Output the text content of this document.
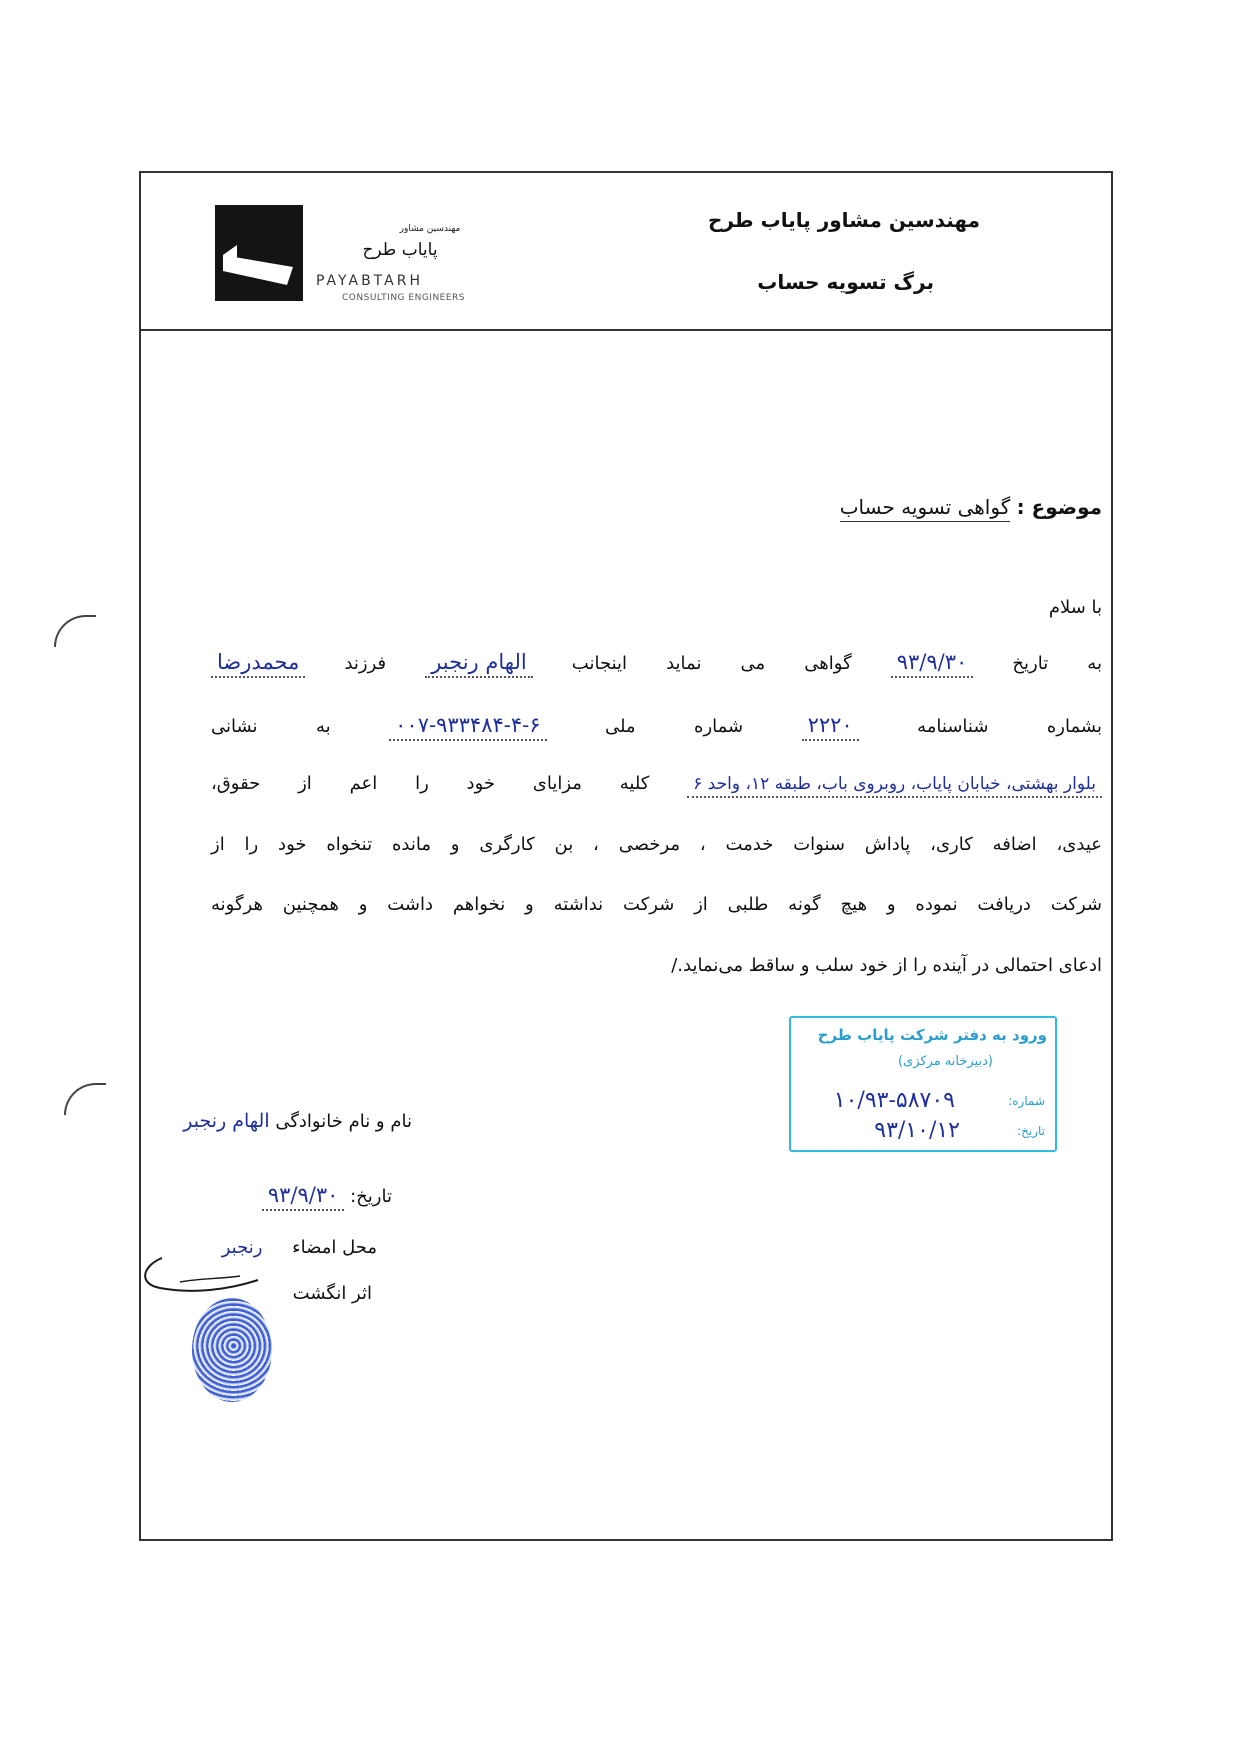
مهندسین مشاور پایاب طرح
برگ تسویه حساب
مهندسین مشاور
پایاب طرح
PAYABTARH
CONSULTING ENGINEERS
موضوع : گواهی تسویه حساب
با سلام
به تاریخ ۹۳/۹/۳۰ گواهی می نماید اینجانب الهام رنجبر فرزند محمدرضا
بشماره شناسنامه ۲۲۲۰ شماره ملی ۰۰۷-۹۳۳۴۸۴-۴-۶ به نشانی
بلوار بهشتی، خیابان پایاب، روبروی باب، طبقه ۱۲، واحد ۶ کلیه مزایای خود را اعم از حقوق،
عیدی، اضافه کاری، پاداش سنوات خدمت ، مرخصی ، بن کارگری و مانده تنخواه خود را از
شرکت دریافت نموده و هیچ گونه طلبی از شرکت نداشته و نخواهم داشت و همچنین هرگونه
ادعای احتمالی در آینده را از خود سلب و ساقط می‌نماید./
ورود به دفتر شرکت پایاب طرح
(دبیرخانه مرکزی)
شماره:
۱۰/۹۳-۵۸۷۰۹
تاریخ:
۹۳/۱۰/۱۲
نام و نام خانوادگی الهام رنجبر
تاریخ: ۹۳/۹/۳۰
محل امضاء رنجبر
اثر انگشت
